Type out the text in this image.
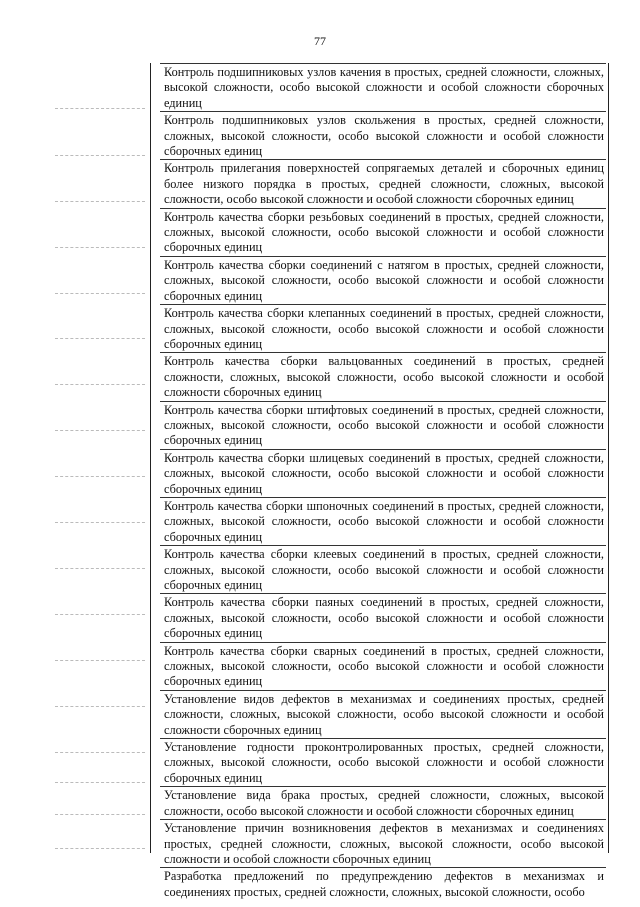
77
Контроль подшипниковых узлов качения в простых, средней сложности, сложных, высокой сложности, особо высокой сложности и особой сложности сборочных единиц
Контроль подшипниковых узлов скольжения в простых, средней сложности, сложных, высокой сложности, особо высокой сложности и особой сложности сборочных единиц
Контроль прилегания поверхностей сопрягаемых деталей и сборочных единиц более низкого порядка в простых, средней сложности, сложных, высокой сложности, особо высокой сложности и особой сложности сборочных единиц
Контроль качества сборки резьбовых соединений в простых, средней сложности, сложных, высокой сложности, особо высокой сложности и особой сложности сборочных единиц
Контроль качества сборки соединений с натягом в простых, средней сложности, сложных, высокой сложности, особо высокой сложности и особой сложности сборочных единиц
Контроль качества сборки клепанных соединений в простых, средней сложности, сложных, высокой сложности, особо высокой сложности и особой сложности сборочных единиц
Контроль качества сборки вальцованных соединений в простых, средней сложности, сложных, высокой сложности, особо высокой сложности и особой сложности сборочных единиц
Контроль качества сборки штифтовых соединений в простых, средней сложности, сложных, высокой сложности, особо высокой сложности и особой сложности сборочных единиц
Контроль качества сборки шлицевых соединений в простых, средней сложности, сложных, высокой сложности, особо высокой сложности и особой сложности сборочных единиц
Контроль качества сборки шпоночных соединений в простых, средней сложности, сложных, высокой сложности, особо высокой сложности и особой сложности сборочных единиц
Контроль качества сборки клеевых соединений в простых, средней сложности, сложных, высокой сложности, особо высокой сложности и особой сложности сборочных единиц
Контроль качества сборки паяных соединений в простых, средней сложности, сложных, высокой сложности, особо высокой сложности и особой сложности сборочных единиц
Контроль качества сборки сварных соединений в простых, средней сложности, сложных, высокой сложности, особо высокой сложности и особой сложности сборочных единиц
Установление видов дефектов в механизмах и соединениях простых, средней сложности, сложных, высокой сложности, особо высокой сложности и особой сложности сборочных единиц
Установление годности проконтролированных простых, средней сложности, сложных, высокой сложности, особо высокой сложности и особой сложности сборочных единиц
Установление вида брака простых, средней сложности, сложных, высокой сложности, особо высокой сложности и особой сложности сборочных единиц
Установление причин возникновения дефектов в механизмах и соединениях простых, средней сложности, сложных, высокой сложности, особо высокой сложности и особой сложности сборочных единиц
Разработка предложений по предупреждению дефектов в механизмах и соединениях простых, средней сложности, сложных, высокой сложности, особо
